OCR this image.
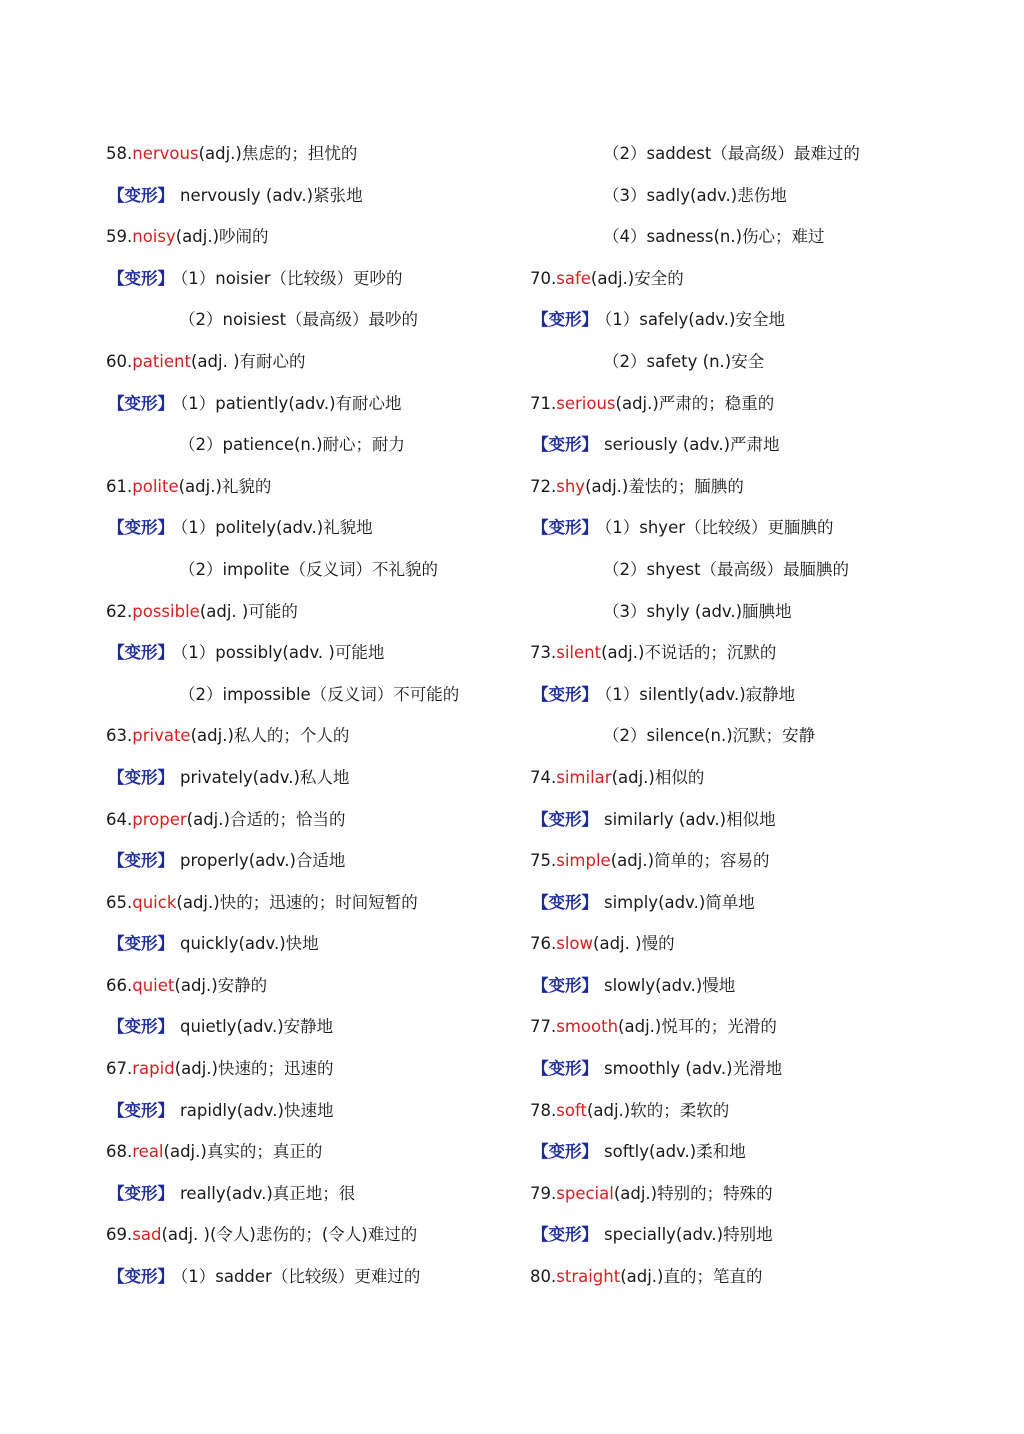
58.nervous(adj.)焦虑的；担忧的
【变形】 nervously (adv.)紧张地
59.noisy(adj.)吵闹的
【变形】 （1）noisier（比较级）更吵的
（2）noisiest（最高级）最吵的
60.patient(adj. )有耐心的
【变形】 （1）patiently(adv.)有耐心地
（2）patience(n.)耐心；耐力
61.polite(adj.)礼貌的
【变形】 （1）politely(adv.)礼貌地
（2）impolite（反义词）不礼貌的
62.possible(adj. )可能的
【变形】 （1）possibly(adv. )可能地
（2）impossible（反义词）不可能的
63.private(adj.)私人的；个人的
【变形】 privately(adv.)私人地
64.proper(adj.)合适的；恰当的
【变形】 properly(adv.)合适地
65.quick(adj.)快的；迅速的；时间短暂的
【变形】 quickly(adv.)快地
66.quiet(adj.)安静的
【变形】 quietly(adv.)安静地
67.rapid(adj.)快速的；迅速的
【变形】 rapidly(adv.)快速地
68.real(adj.)真实的；真正的
【变形】 really(adv.)真正地；很
69.sad(adj. )(令人)悲伤的；(令人)难过的
【变形】 （1）sadder（比较级）更难过的
（2）saddest（最高级）最难过的
（3）sadly(adv.)悲伤地
（4）sadness(n.)伤心；难过
70.safe(adj.)安全的
【变形】 （1）safely(adv.)安全地
（2）safety (n.)安全
71.serious(adj.)严肃的；稳重的
【变形】 seriously (adv.)严肃地
72.shy(adj.)羞怯的；腼腆的
【变形】 （1）shyer（比较级）更腼腆的
（2）shyest（最高级）最腼腆的
（3）shyly (adv.)腼腆地
73.silent(adj.)不说话的；沉默的
【变形】 （1）silently(adv.)寂静地
（2）silence(n.)沉默；安静
74.similar(adj.)相似的
【变形】 similarly (adv.)相似地
75.simple(adj.)简单的；容易的
【变形】 simply(adv.)简单地
76.slow(adj. )慢的
【变形】 slowly(adv.)慢地
77.smooth(adj.)悦耳的；光滑的
【变形】 smoothly (adv.)光滑地
78.soft(adj.)软的；柔软的
【变形】 softly(adv.)柔和地
79.special(adj.)特别的；特殊的
【变形】 specially(adv.)特别地
80.straight(adj.)直的；笔直的
